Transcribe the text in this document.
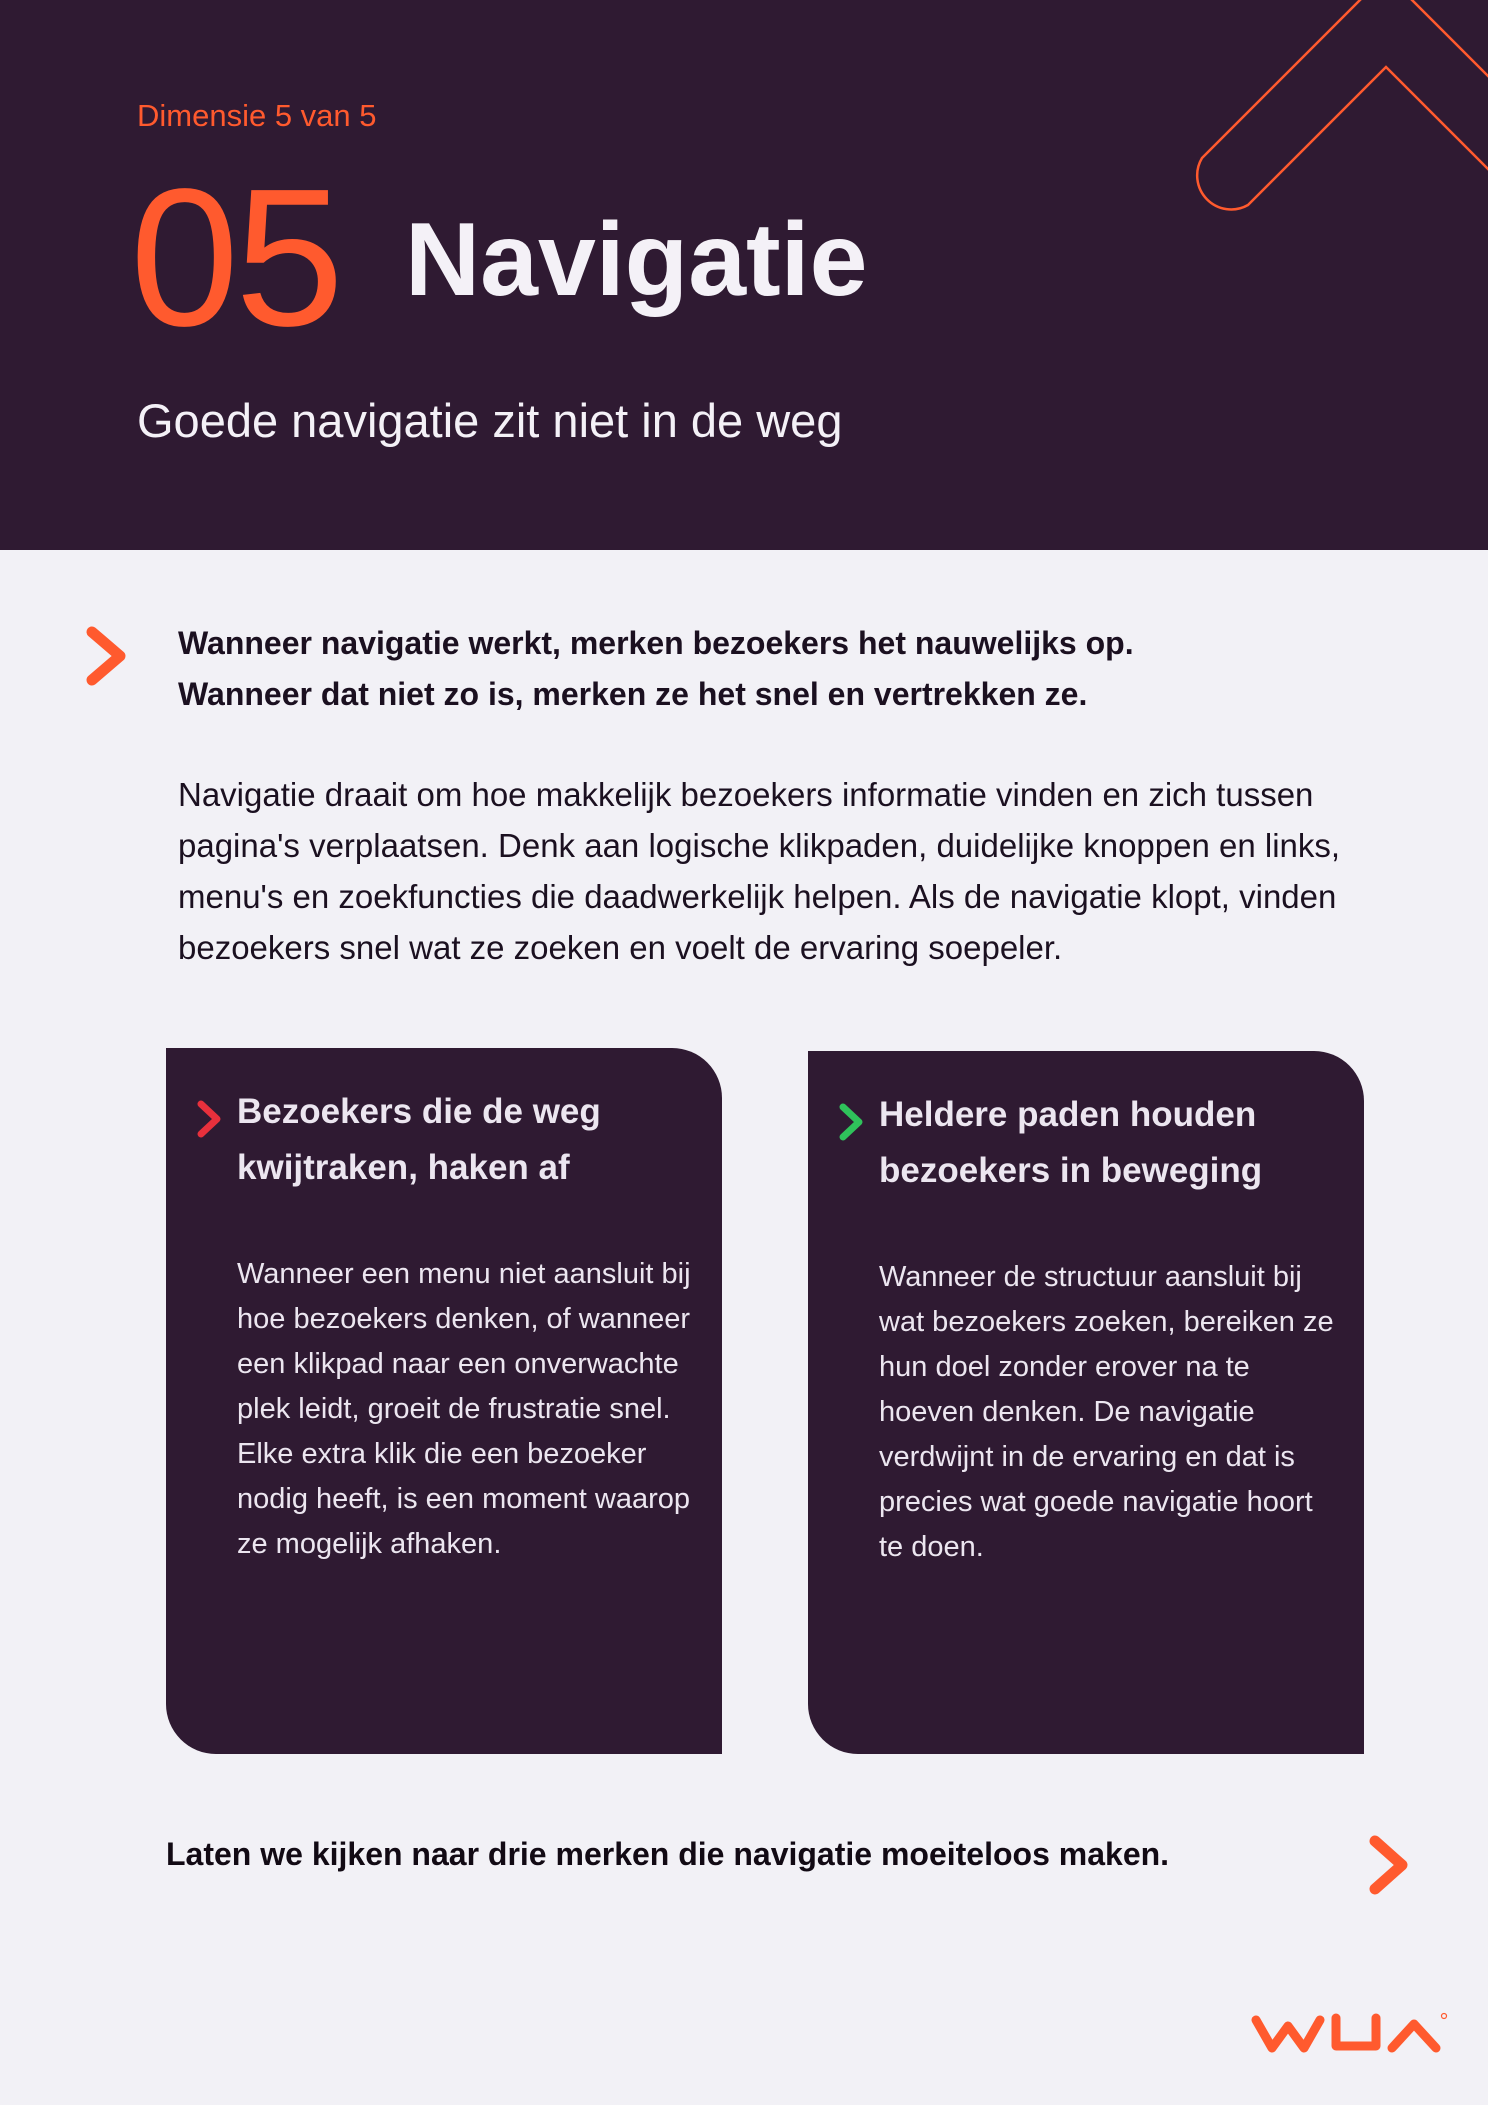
Dimensie 5 van 5

05 Navigatie
Goede navigatie zit niet in de weg

Wanneer navigatie werkt, merken bezoekers het nauwelijks op.
Wanneer dat niet zo is, merken ze het snel en vertrekken ze.

Navigatie draait om hoe makkelijk bezoekers informatie vinden en zich tussen pagina's verplaatsen. Denk aan logische klikpaden, duidelijke knoppen en links, menu's en zoekfuncties die daadwerkelijk helpen. Als de navigatie klopt, vinden bezoekers snel wat ze zoeken en voelt de ervaring soepeler.

Bezoekers die de weg
kwijtraken, haken af

Wanneer een menu niet aansluit bij hoe bezoekers denken, of wanneer een klikpad naar een onverwachte plek leidt, groeit de frustratie snel. Elke extra klik die een bezoeker nodig heeft, is een moment waarop ze mogelijk afhaken.

Heldere paden houden
bezoekers in beweging

Wanneer de structuur aansluit bij wat bezoekers zoeken, bereiken ze hun doel zonder erover na te hoeven denken. De navigatie verdwijnt in de ervaring en dat is precies wat goede navigatie hoort te doen.

Laten we kijken naar drie merken die navigatie moeiteloos maken.
